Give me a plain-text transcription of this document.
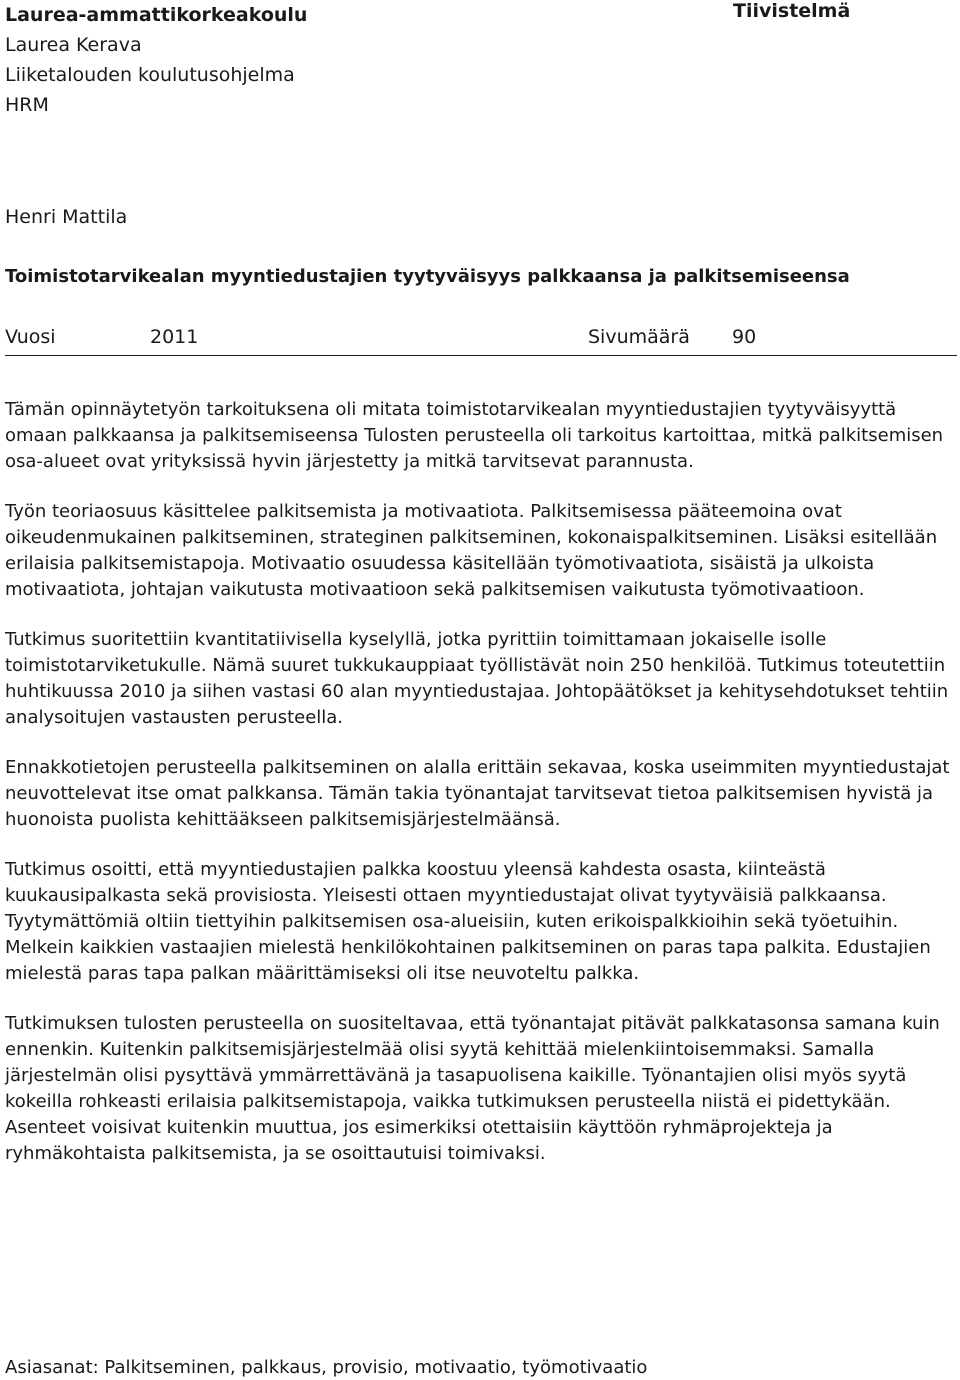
Laurea-ammattikorkeakoulu
Laurea Kerava
Liiketalouden koulutusohjelma
HRM
Tiivistelmä
Henri Mattila
Toimistotarvikealan myyntiedustajien tyytyväisyys palkkaansa ja palkitsemiseensa
Vuosi	2011	Sivumäärä 90

Tämän opinnäytetyön tarkoituksena oli mitata toimistotarvikealan myyntiedustajien tyytyväisyyttä omaan palkkaansa ja palkitsemiseensa Tulosten perusteella oli tarkoitus kartoittaa, mitkä palkitsemisen osa-alueet ovat yrityksissä hyvin järjestetty ja mitkä tarvitsevat parannusta.

Työn teoriaosuus käsittelee palkitsemista ja motivaatiota. Palkitsemisessa pääteemoina ovat oikeudenmukainen palkitseminen, strateginen palkitseminen, kokonaispalkitseminen. Lisäksi esitellään erilaisia palkitsemistapoja. Motivaatio osuudessa käsitellään työmotivaatiota, sisäistä ja ulkoista motivaatiota, johtajan vaikutusta motivaatioon sekä palkitsemisen vaikutusta työmotivaatioon.

Tutkimus suoritettiin kvantitatiivisella kyselyllä, jotka pyrittiin toimittamaan jokaiselle isolle toimistotarviketukulle. Nämä suuret tukkukauppiaat työllistävät noin 250 henkilöä. Tutkimus toteutettiin huhtikuussa 2010 ja siihen vastasi 60 alan myyntiedustajaa. Johtopäätökset ja kehitysehdotukset tehtiin analysoitujen vastausten perusteella.

Ennakkotietojen perusteella palkitseminen on alalla erittäin sekavaa, koska useimmiten myyntiedustajat neuvottelevat itse omat palkkansa. Tämän takia työnantajat tarvitsevat tietoa palkitsemisen hyvistä ja huonoista puolista kehittääkseen palkitsemisjärjestelmäänsä.

Tutkimus osoitti, että myyntiedustajien palkka koostuu yleensä kahdesta osasta, kiinteästä kuukausipalkasta sekä provisiosta. Yleisesti ottaen myyntiedustajat olivat tyytyväisiä palkkaansa. Tyytymättömiä oltiin tiettyihin palkitsemisen osa-alueisiin, kuten erikoispalkkioihin sekä työetuihin. Melkein kaikkien vastaajien mielestä henkilökohtainen palkitseminen on paras tapa palkita. Edustajien mielestä paras tapa palkan määrittämiseksi oli itse neuvoteltu palkka.

Tutkimuksen tulosten perusteella on suositeltavaa, että työnantajat pitävät palkkatasonsa samana kuin ennenkin. Kuitenkin palkitsemisjärjestelmää olisi syytä kehittää mielenkiintoisemmaksi. Samalla järjestelmän olisi pysyttävä ymmärrettävänä ja tasapuolisena kaikille. Työnantajien olisi myös syytä kokeilla rohkeasti erilaisia palkitsemistapoja, vaikka tutkimuksen perusteella niistä ei pidettykään. Asenteet voisivat kuitenkin muuttua, jos esimerkiksi otettaisiin käyttöön ryhmäprojekteja ja ryhmäkohtaista palkitsemista, ja se osoittautuisi toimivaksi.

Asiasanat: Palkitseminen, palkkaus, provisio, motivaatio, työmotivaatio
